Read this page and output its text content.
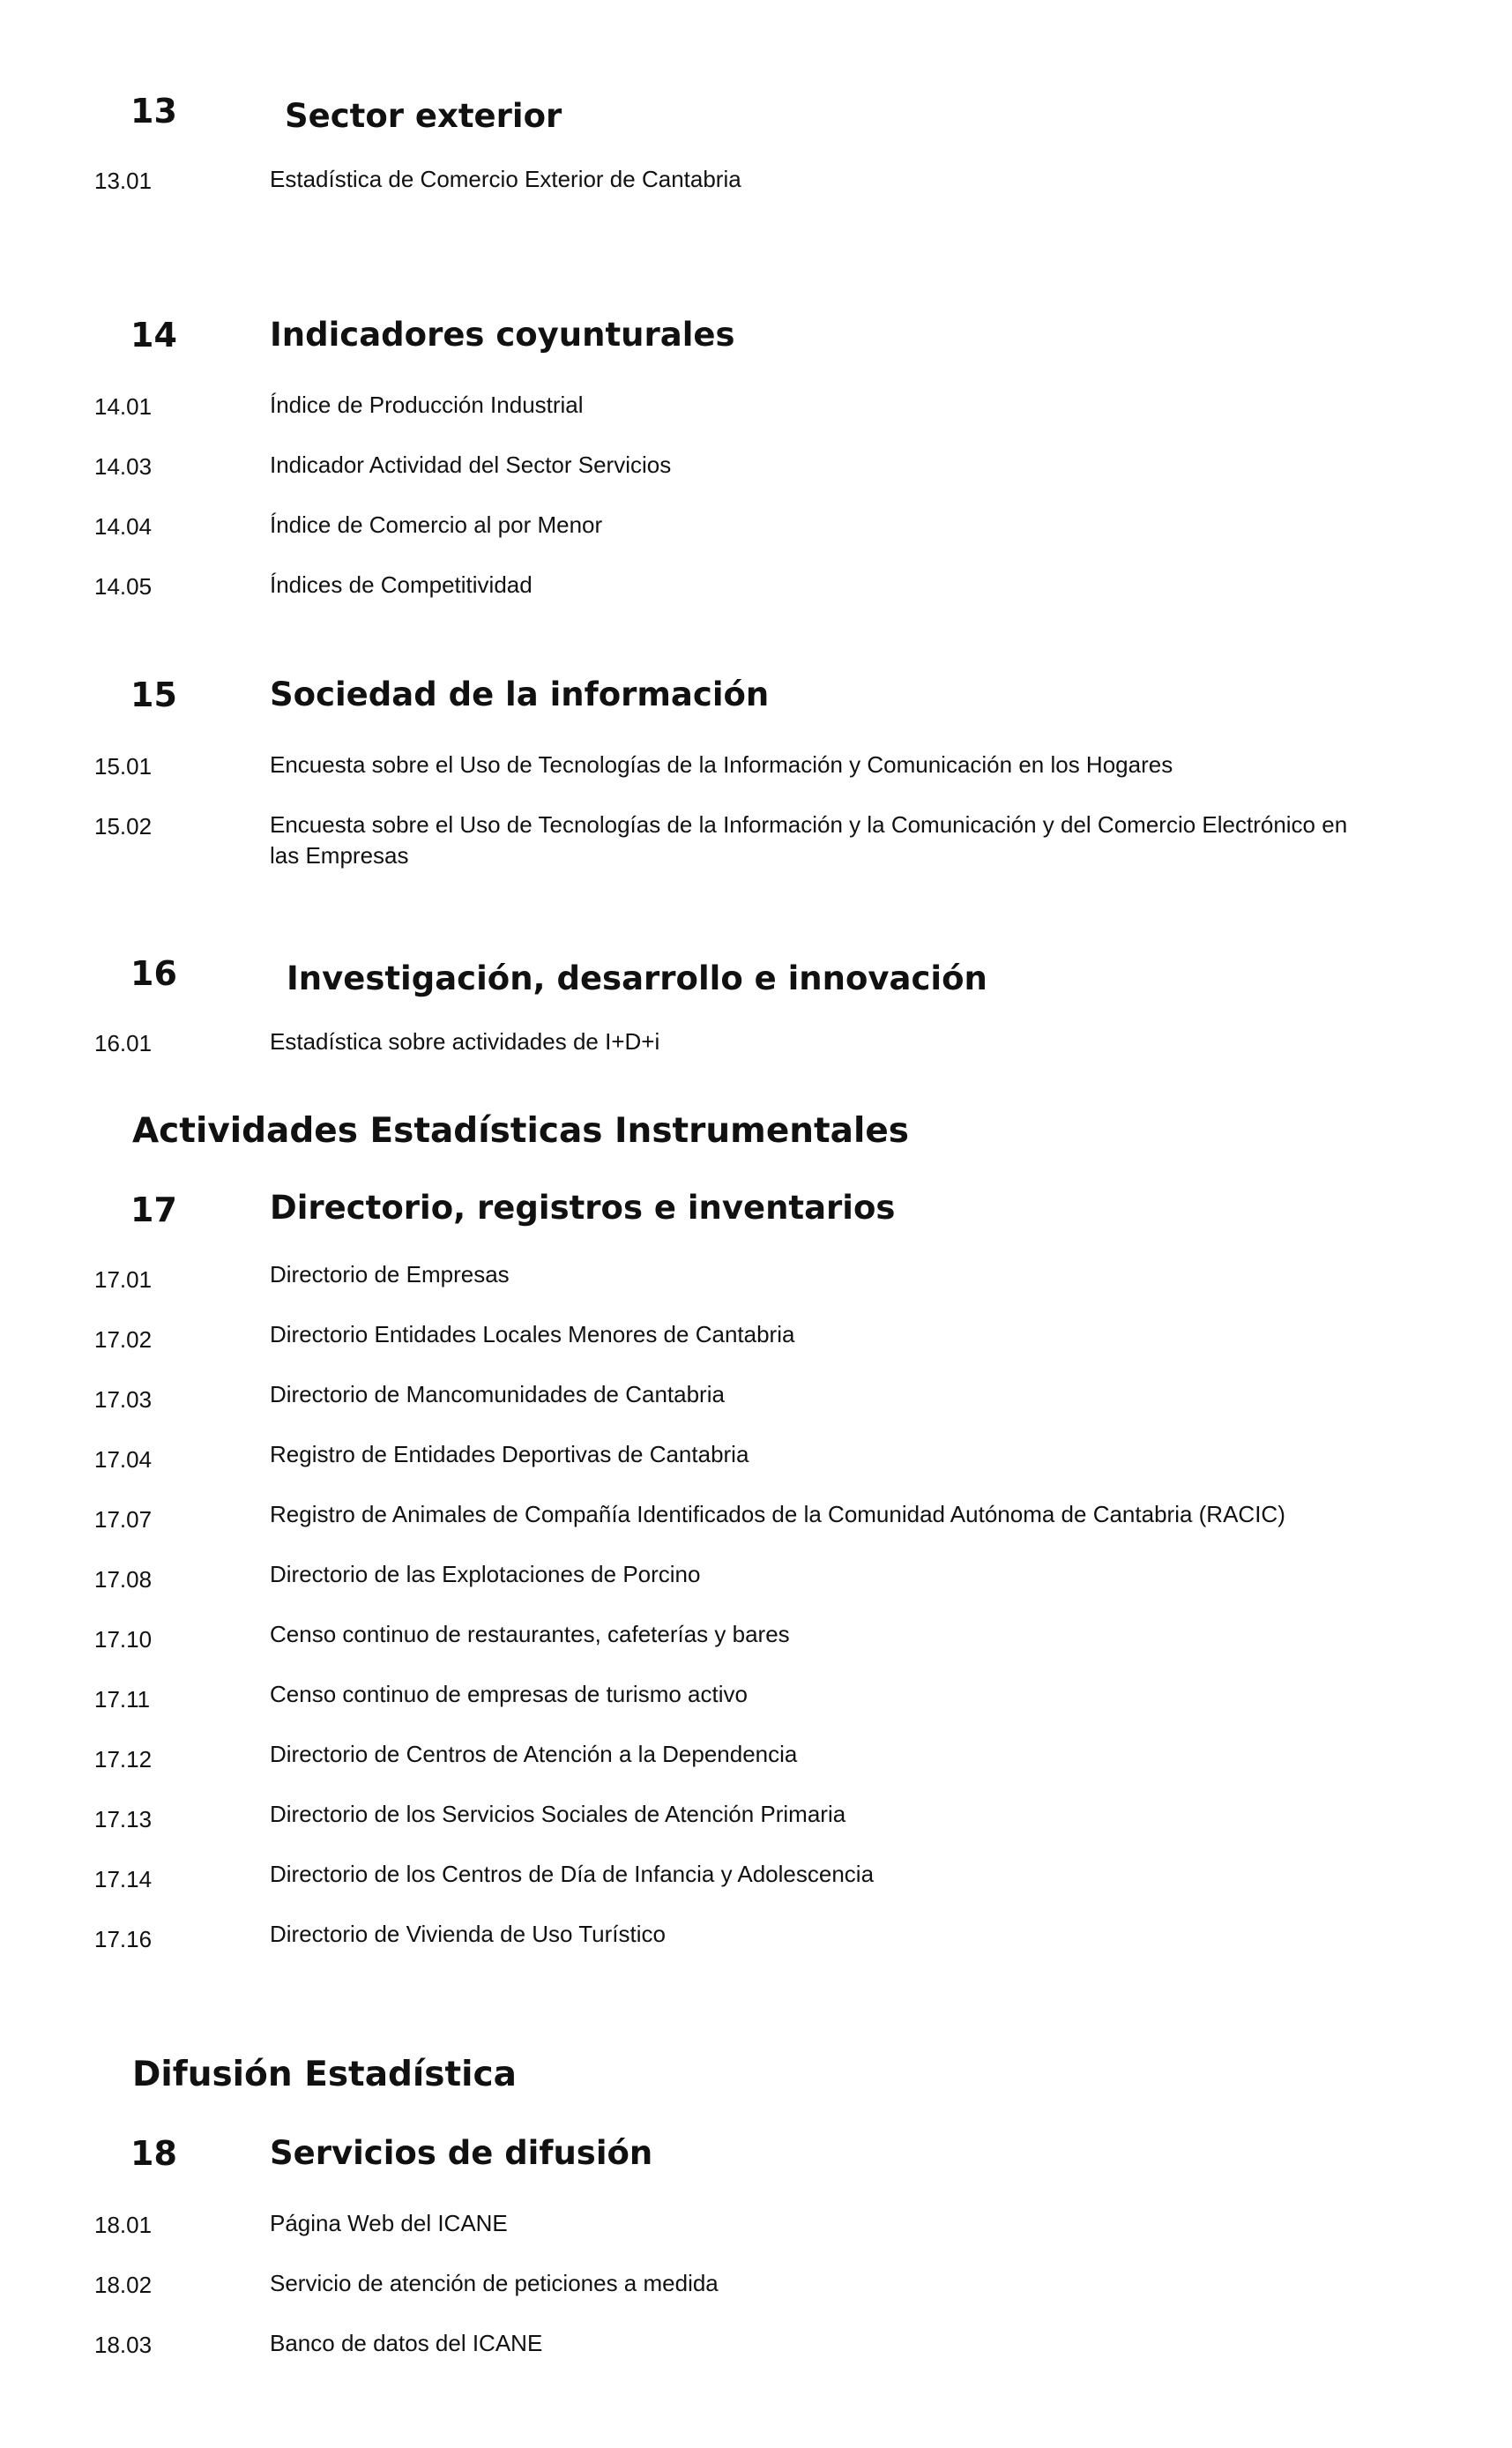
13	Sector exterior
13.01	Estadística de Comercio Exterior de Cantabria
14	Indicadores coyunturales
14.01	Índice de Producción Industrial
14.03	Indicador Actividad del Sector Servicios
14.04	Índice de Comercio al por Menor
14.05	Índices de Competitividad
15	Sociedad de la información
15.01	Encuesta sobre el Uso de Tecnologías de la Información y Comunicación en los Hogares
15.02	Encuesta sobre el Uso de Tecnologías de la Información y la Comunicación y del Comercio Electrónico en las Empresas
16	Investigación, desarrollo e innovación
16.01	Estadística sobre actividades de I+D+i
Actividades Estadísticas Instrumentales
17	Directorio, registros e inventarios
17.01	Directorio de Empresas
17.02	Directorio Entidades Locales Menores de Cantabria
17.03	Directorio de Mancomunidades de Cantabria
17.04	Registro de Entidades Deportivas de Cantabria
17.07	Registro de Animales de Compañía Identificados de la Comunidad Autónoma de Cantabria (RACIC)
17.08	Directorio de las Explotaciones de Porcino
17.10	Censo continuo de restaurantes, cafeterías y bares
17.11	Censo continuo de empresas de turismo activo
17.12	Directorio de Centros de Atención a la Dependencia
17.13	Directorio de los Servicios Sociales de Atención Primaria
17.14	Directorio de los Centros de Día de Infancia y Adolescencia
17.16	Directorio de Vivienda de Uso Turístico
Difusión Estadística
18	Servicios de difusión
18.01	Página Web del ICANE
18.02	Servicio de atención de peticiones a medida
18.03	Banco de datos del ICANE
